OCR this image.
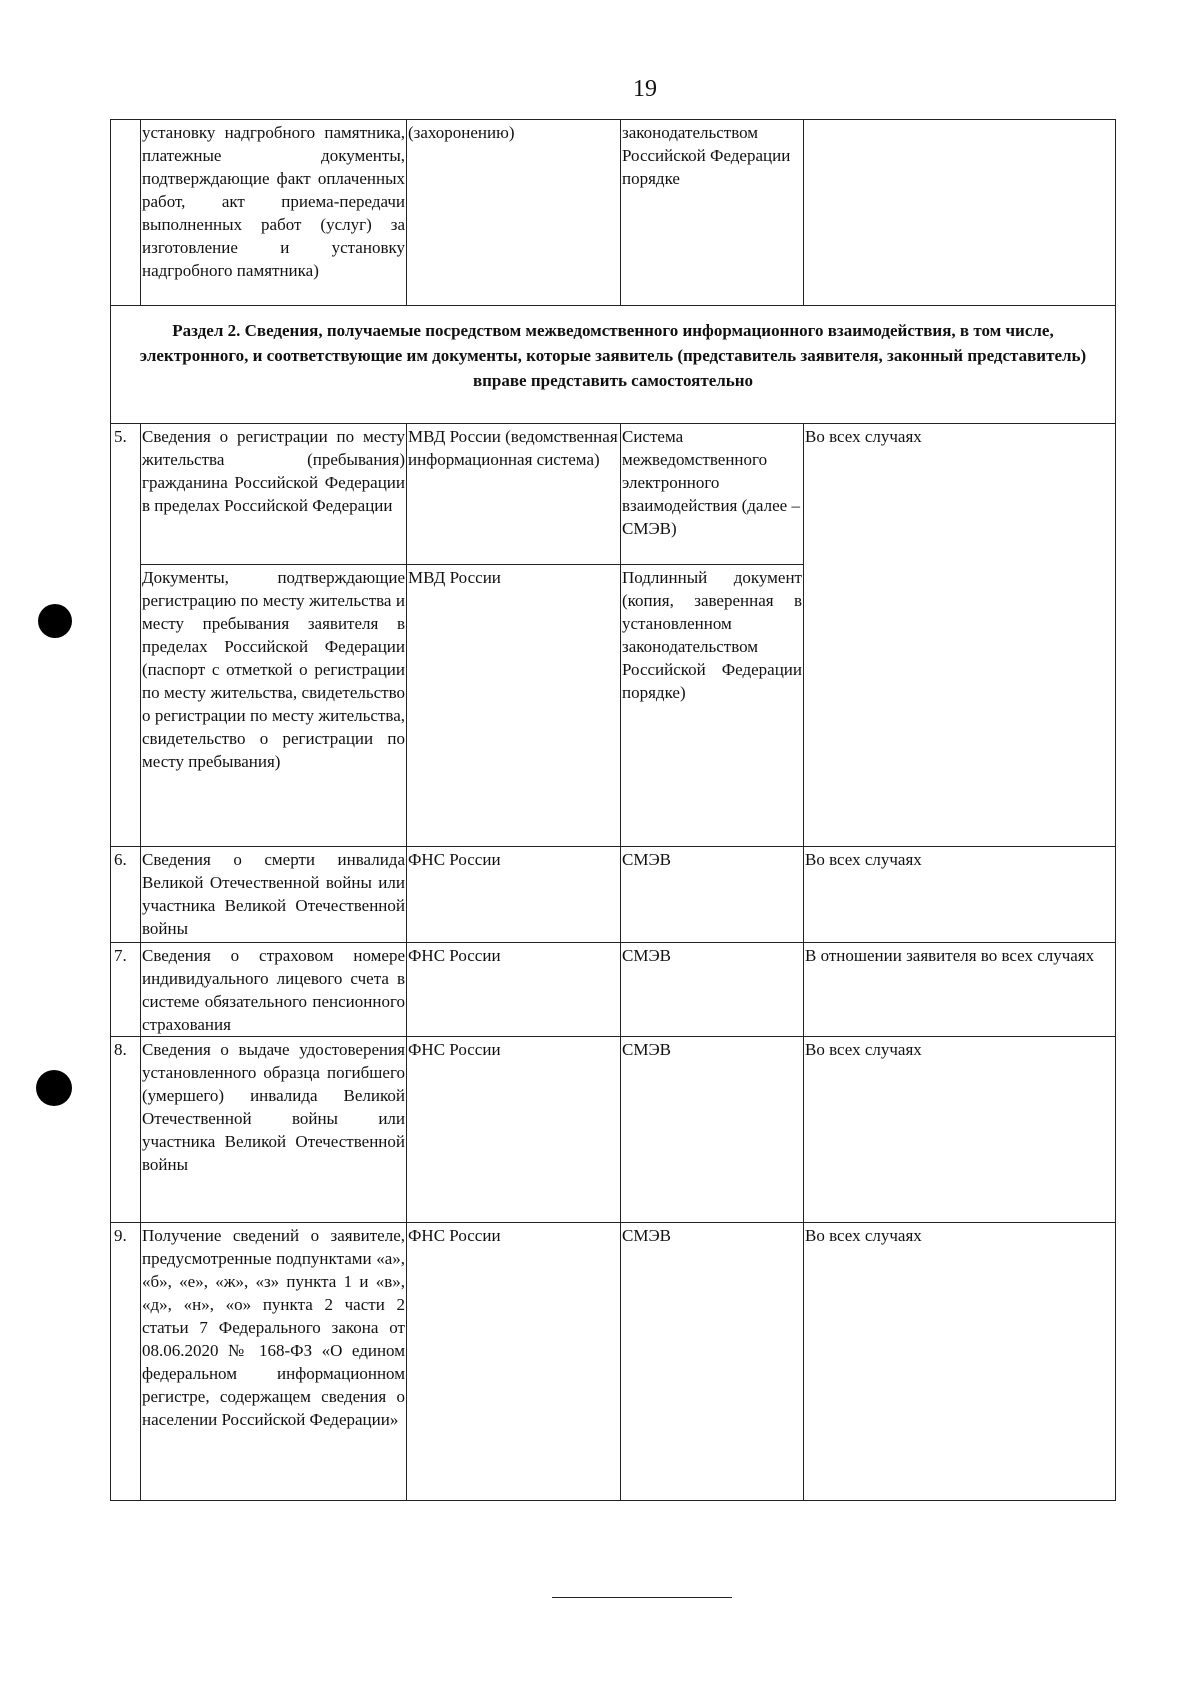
19
	установку надгробного памятника, платежные документы, подтверждающие факт оплаченных работ, акт приема-передачи выполненных работ (услуг) за изготовление и установку надгробного памятника)	(захоронению)	законодательством Российской Федерации порядке	
Раздел 2. Сведения, получаемые посредством межведомственного информационного взаимодействия, в том числе, электронного, и соответствующие им документы, которые заявитель (представитель заявителя, законный представитель) вправе представить самостоятельно				
5.	Сведения о регистрации по месту жительства (пребывания) гражданина Российской Федерации в пределах Российской Федерации	МВД России (ведомственная информационная система)	Система межведомственного электронного взаимодействия (далее – СМЭВ)	Во всех случаях
	Документы, подтверждающие регистрацию по месту жительства и месту пребывания заявителя в пределах Российской Федерации (паспорт с отметкой о регистрации по месту жительства, свидетельство о регистрации по месту жительства, свидетельство о регистрации по месту пребывания)	МВД России	Подлинный документ (копия, заверенная в установленном законодательством Российской Федерации порядке)	
6.	Сведения о смерти инвалида Великой Отечественной войны или участника Великой Отечественной войны	ФНС России	СМЭВ	Во всех случаях
7.	Сведения о страховом номере индивидуального лицевого счета в системе обязательного пенсионного страхования	ФНС России	СМЭВ	В отношении заявителя во всех случаях
8.	Сведения о выдаче удостоверения установленного образца погибшего (умершего) инвалида Великой Отечественной войны или участника Великой Отечественной войны	ФНС России	СМЭВ	Во всех случаях
9.	Получение сведений о заявителе, предусмотренные подпунктами «а», «б», «е», «ж», «з» пункта 1 и «в», «д», «н», «о» пункта 2 части 2 статьи 7 Федерального закона от 08.06.2020 № 168-ФЗ «О едином федеральном информационном регистре, содержащем сведения о населении Российской Федерации»	ФНС России	СМЭВ	Во всех случаях
